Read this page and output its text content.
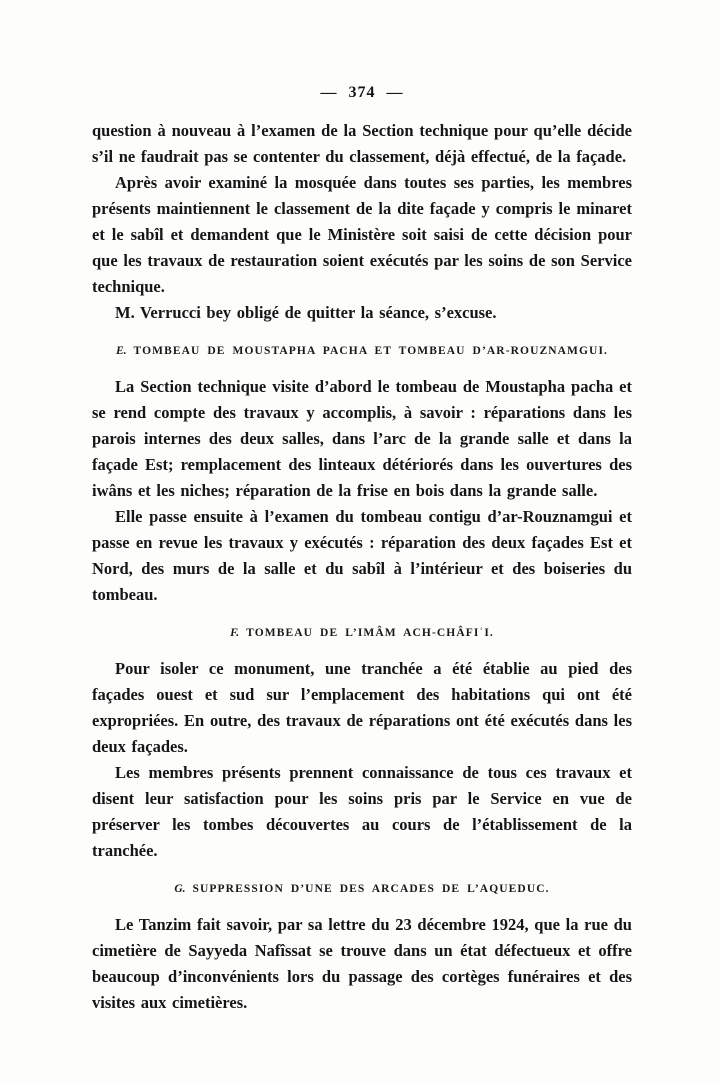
— 374 —

question à nouveau à l’examen de la Section technique pour qu’elle décide s’il ne faudrait pas se contenter du classement, déjà effectué, de la façade.

Après avoir examiné la mosquée dans toutes ses parties, les membres présents maintiennent le classement de la dite façade y compris le minaret et le sabîl et demandent que le Ministère soit saisi de cette décision pour que les travaux de restauration soient exécutés par les soins de son Service technique.

M. Verrucci bey obligé de quitter la séance, s’excuse.

E. TOMBEAU DE MOUSTAPHA PACHA ET TOMBEAU D’AR-ROUZNAMGUI.

La Section technique visite d’abord le tombeau de Moustapha pacha et se rend compte des travaux y accomplis, à savoir : réparations dans les parois internes des deux salles, dans l’arc de la grande salle et dans la façade Est; remplacement des linteaux détériorés dans les ouvertures des iwâns et les niches; réparation de la frise en bois dans la grande salle.

Elle passe ensuite à l’examen du tombeau contigu d’ar-Rouznamgui et passe en revue les travaux y exécutés : réparation des deux façades Est et Nord, des murs de la salle et du sabîl à l’intérieur et des boiseries du tombeau.

F. TOMBEAU DE L’IMÂM ACH-CHÂFIʿI.

Pour isoler ce monument, une tranchée a été établie au pied des façades ouest et sud sur l’emplacement des habitations qui ont été expropriées. En outre, des travaux de réparations ont été exécutés dans les deux façades.

Les membres présents prennent connaissance de tous ces travaux et disent leur satisfaction pour les soins pris par le Service en vue de préserver les tombes découvertes au cours de l’établissement de la tranchée.

G. SUPPRESSION D’UNE DES ARCADES DE L’AQUEDUC.

Le Tanzim fait savoir, par sa lettre du 23 décembre 1924, que la rue du cimetière de Sayyeda Nafîssat se trouve dans un état défectueux et offre beaucoup d’inconvénients lors du passage des cortèges funéraires et des visites aux cimetières.
